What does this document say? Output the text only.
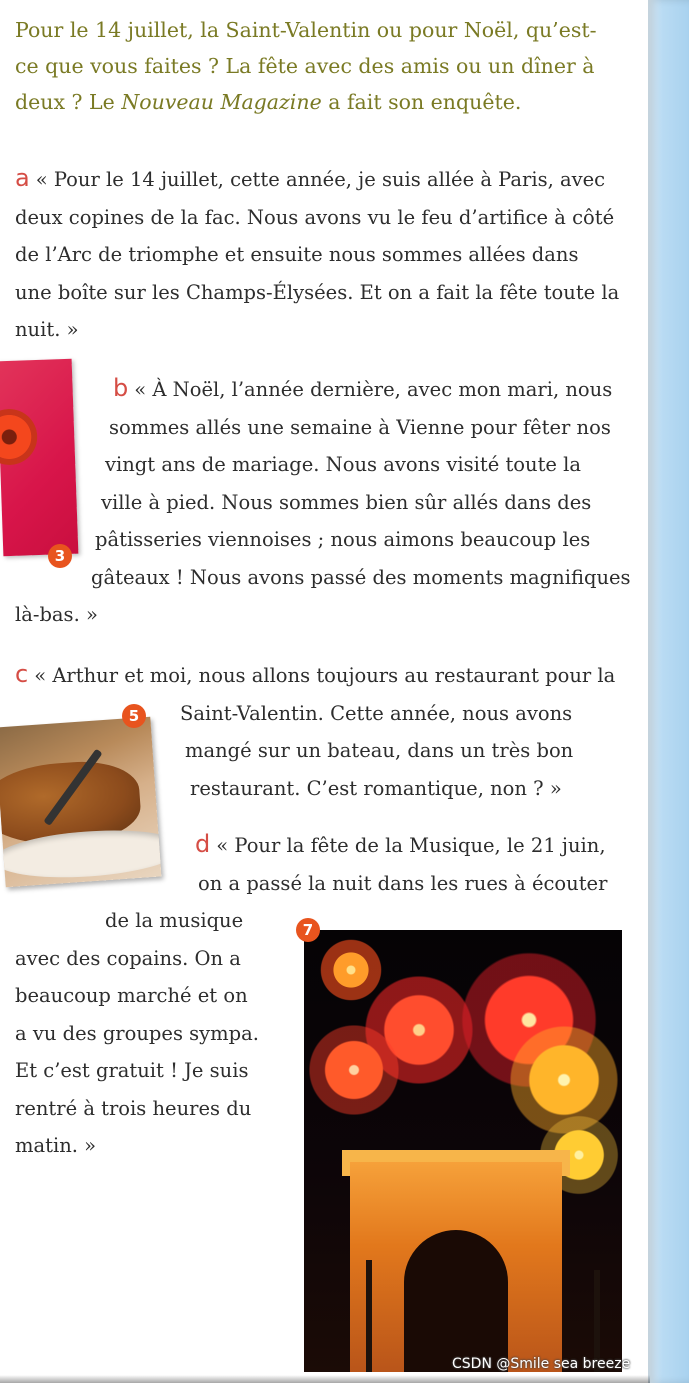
Pour le 14 juillet, la Saint-Valentin ou pour Noël, qu’est-
ce que vous faites ? La fête avec des amis ou un dîner à
deux ? Le Nouveau Magazine a fait son enquête.
a « Pour le 14 juillet, cette année, je suis allée à Paris, avec
deux copines de la fac. Nous avons vu le feu d’artifice à côté
de l’Arc de triomphe et ensuite nous sommes allées dans
une boîte sur les Champs-Élysées. Et on a fait la fête toute la
nuit. »
3
b « À Noël, l’année dernière, avec mon mari, nous
sommes allés une semaine à Vienne pour fêter nos
vingt ans de mariage. Nous avons visité toute la
ville à pied. Nous sommes bien sûr allés dans des
pâtisseries viennoises ; nous aimons beaucoup les
gâteaux ! Nous avons passé des moments magnifiques
là-bas. »
c « Arthur et moi, nous allons toujours au restaurant pour la
Saint-Valentin. Cette année, nous avons
mangé sur un bateau, dans un très bon
restaurant. C’est romantique, non ? »
5
d « Pour la fête de la Musique, le 21 juin,
on a passé la nuit dans les rues à écouter
de la musique
avec des copains. On a
beaucoup marché et on
a vu des groupes sympa.
Et c’est gratuit ! Je suis
rentré à trois heures du
matin. »
7
CSDN @Smile sea breeze
